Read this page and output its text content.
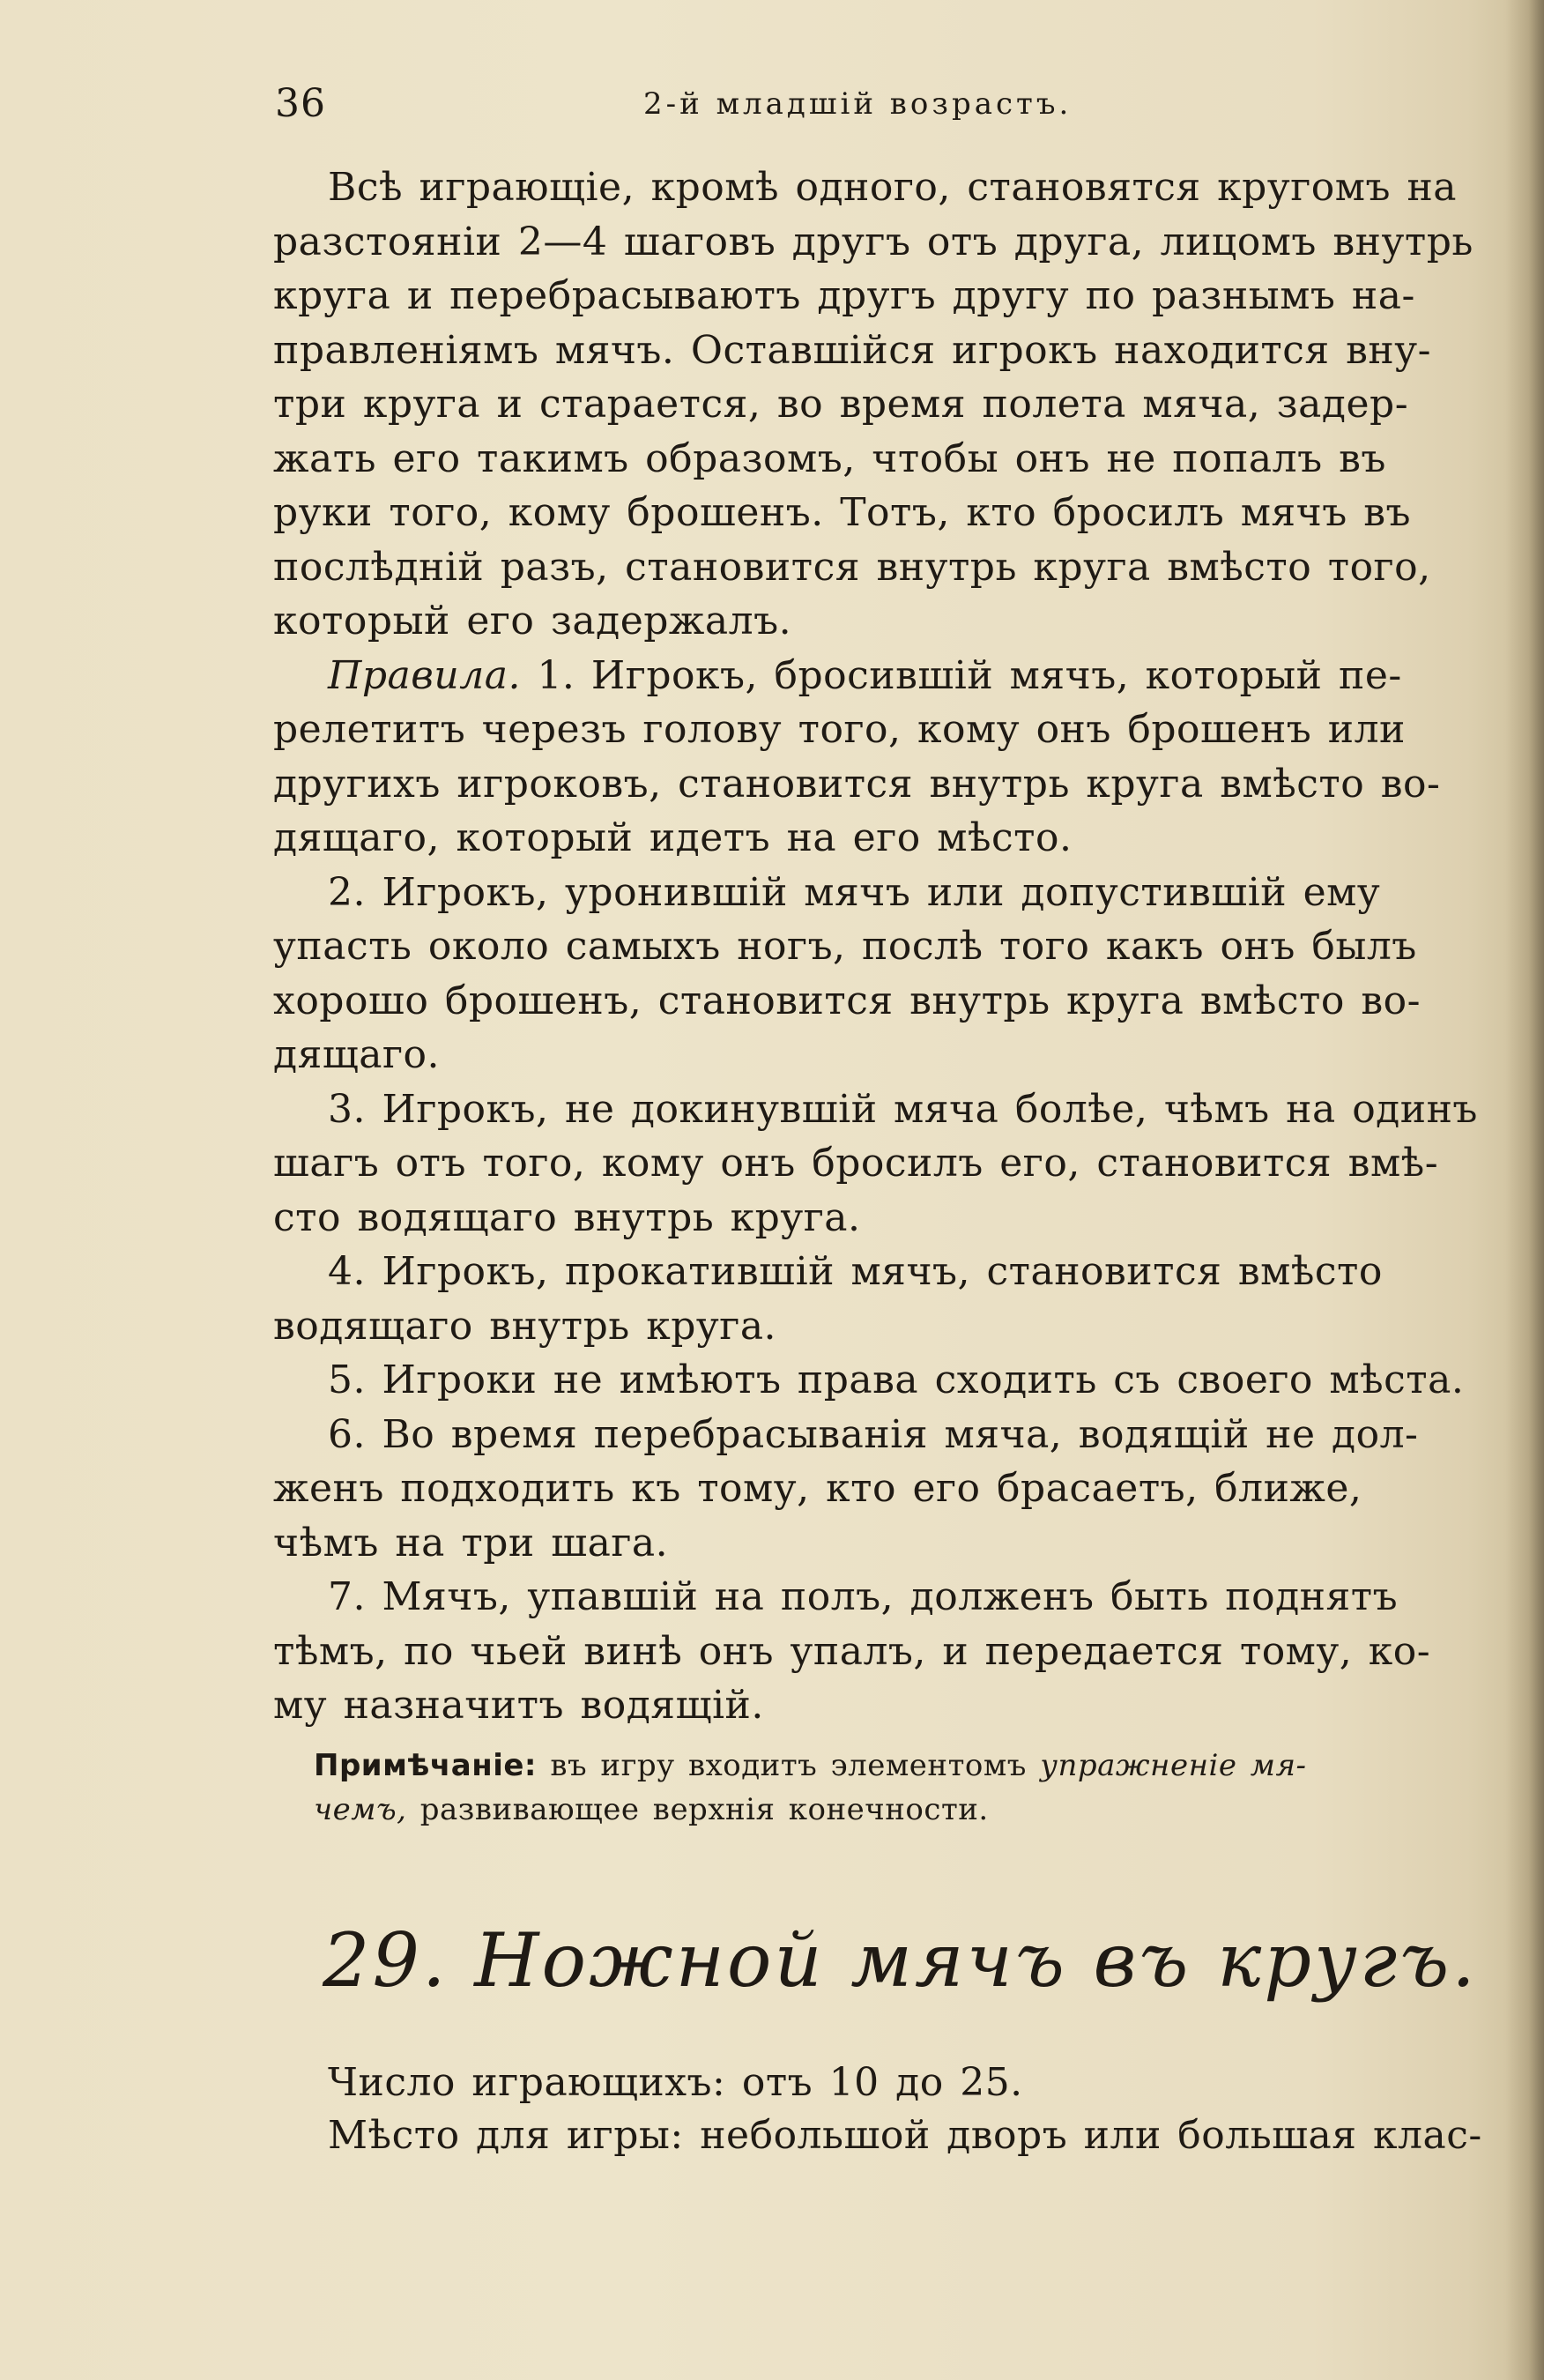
36	2-й младшій возрастъ.
Всѣ играющіе, кромѣ одного, становятся кругомъ на
разстояніи 2—4 шаговъ другъ отъ друга, лицомъ внутрь
круга и перебрасываютъ другъ другу по разнымъ на-
правленіямъ мячъ. Оставшійся игрокъ находится вну-
три круга и старается, во время полета мяча, задер-
жать его такимъ образомъ, чтобы онъ не попалъ въ
руки того, кому брошенъ. Тотъ, кто бросилъ мячъ въ
послѣдній разъ, становится внутрь круга вмѣсто того,
который его задержалъ.
Правила. 1. Игрокъ, бросившій мячъ, который пе-
релетитъ черезъ голову того, кому онъ брошенъ или
другихъ игроковъ, становится внутрь круга вмѣсто во-
дящаго, который идетъ на его мѣсто.
2. Игрокъ, уронившій мячъ или допустившій ему
упасть около самыхъ ногъ, послѣ того какъ онъ былъ
хорошо брошенъ, становится внутрь круга вмѣсто во-
дящаго.
3. Игрокъ, не докинувшій мяча болѣе, чѣмъ на одинъ
шагъ отъ того, кому онъ бросилъ его, становится вмѣ-
сто водящаго внутрь круга.
4. Игрокъ, прокатившій мячъ, становится вмѣсто
водящаго внутрь круга.
5. Игроки не имѣютъ права сходить съ своего мѣста.
6. Во время перебрасыванія мяча, водящій не дол-
женъ подходить къ тому, кто его брасаетъ, ближе,
чѣмъ на три шага.
7. Мячъ, упавшій на полъ, долженъ быть поднятъ
тѣмъ, по чьей винѣ онъ упалъ, и передается тому, ко-
му назначитъ водящій.
Примѣчаніе: въ игру входитъ элементомъ упражненіе мя-
чемъ, развивающее верхнія конечности.
29. Ножной мячъ въ кругъ.
Число играющихъ: отъ 10 до 25.
Мѣсто для игры: небольшой дворъ или большая клас-
